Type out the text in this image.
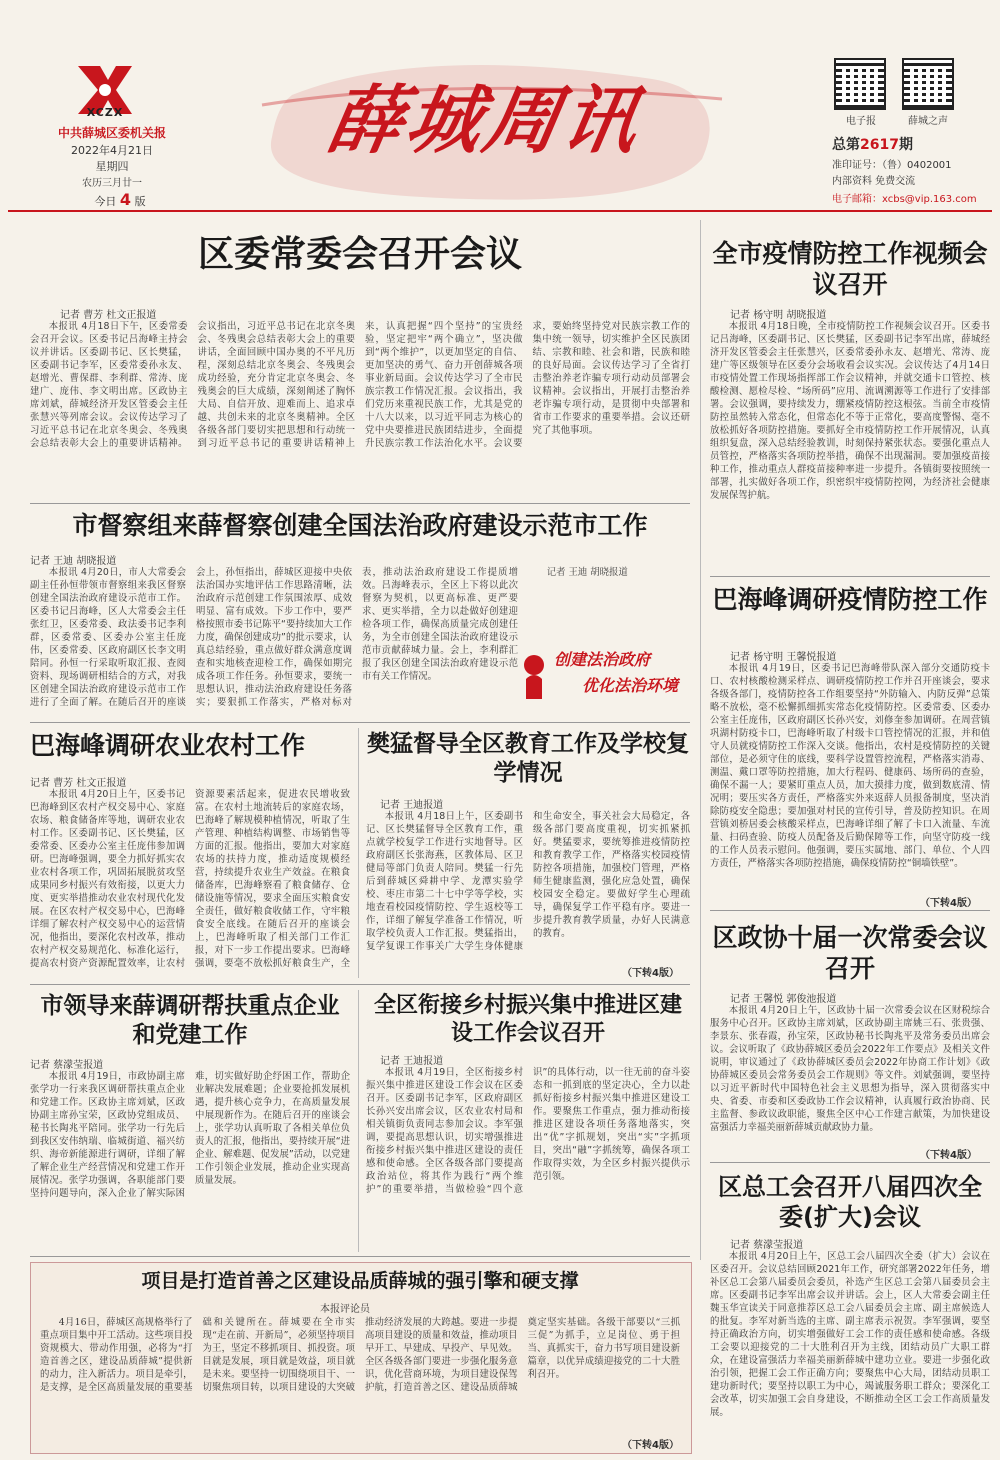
XCZX
中共薛城区委机关报
2022年4月21日
星期四
农历三月廿一
今日 4 版
薛城周讯	电子报	薛城之声
总第2617期
准印证号：（鲁）0402001
内部资料 免费交流
电子邮箱：xcbs@vip.163.com
区委常委会召开会议
记者 曹芳 杜文正报道

本报讯 4月18日下午，区委常委会召开会议。区委书记吕海峰主持会议并讲话。区委副书记、区长樊猛，区委副书记李军，区委常委孙永友、赵增光、曹保群、李利群、常涛、庞建广、庞伟、李文明出席。区政协主席刘斌，薛城经济开发区管委会主任张慧兴等列席会议。会议传达学习了习近平总书记在北京冬奥会、冬残奥会总结表彰大会上的重要讲话精神。会议指出，习近平总书记在北京冬奥会、冬残奥会总结表彰大会上的重要讲话，全面回顾中国办奥的不平凡历程，深刻总结北京冬奥会、冬残奥会成功经验，充分肯定北京冬奥会、冬残奥会的巨大成绩，深刻阐述了胸怀大局、自信开放、迎难而上、追求卓越、共创未来的北京冬奥精神。全区各级各部门要切实把思想和行动统一到习近平总书记的重要讲话精神上来，认真把握“四个坚持”的宝贵经验，坚定把牢“两个确立”，坚决做到“两个维护”，以更加坚定的自信、更加坚决的勇气、奋力开创薛城各项事业新局面。会议传达学习了全市民族宗教工作情况汇报。会议指出，我们党历来重视民族工作，尤其是党的十八大以来，以习近平同志为核心的党中央要推进民族团结进步，全面提升民族宗教工作法治化水平。会议要求，要始终坚持党对民族宗教工作的集中统一领导，切实维护全区民族团结、宗教和睦、社会和谐，民族和睦的良好局面。会议传达学习了全省打击整治养老诈骗专项行动动员部署会议精神。会议指出，开展打击整治养老诈骗专项行动，是贯彻中央部署和省市工作要求的重要举措。会议还研究了其他事项。

全市疫情防控工作视频会议召开
记者 杨守明 胡晓报道

本报讯 4月18日晚，全市疫情防控工作视频会议召开。区委书记吕海峰，区委副书记、区长樊猛，区委副书记李军出席，薛城经济开发区管委会主任张慧兴，区委常委孙永友、赵增光、常涛、庞建广等区级领导在区委分会场收看会议实况。会议传达了4月14日市疫情处置工作现场指挥部工作会议精神，并就交通卡口管控、核酸检测、愿检尽检、“场所码”应用、流调溯源等工作进行了安排部署。会议强调，要持续发力，绷紧疫情防控这根弦。当前全市疫情防控虽然转入常态化，但常态化不等于正常化，要高度警惕、毫不放松抓好各项防控措施。要抓好全市疫情防控工作开展情况，认真组织复盘，深入总结经验教训，时刻保持紧张状态。要强化重点人员管控，严格落实各项防控举措，确保不出现漏洞。要加强疫苗接种工作，推动重点人群疫苗接种率进一步提升。各镇街要按照统一部署，扎实做好各项工作，织密织牢疫情防控网，为经济社会健康发展保驾护航。

市督察组来薛督察创建全国法治政府建设示范市工作
记者 王迪 胡晓报道

本报讯 4月20日，市人大常委会副主任孙恒带领市督察组来我区督察创建全国法治政府建设示范市工作。区委书记吕海峰，区人大常委会主任张红卫，区委常委、政法委书记李利群，区委常委、区委办公室主任庞伟，区委常委、区政府副区长李文明陪同。孙恒一行采取听取汇报、查阅资料、现场调研相结合的方式，对我区创建全国法治政府建设示范市工作进行了全面了解。在随后召开的座谈会上，孙恒指出，薛城区迎接中央依法治国办实地评估工作思路清晰，法治政府示范创建工作氛围浓厚、成效明显、富有成效。下步工作中，要严格按照市委书记陈平“要持续加大工作力度，确保创建成功”的批示要求，认真总结经验，重点做好群众满意度调查和实地核查迎检工作，确保如期完成各项工作任务。孙恒要求，要统一思想认识，推动法治政府建设任务落实；要狠抓工作落实，严格对标对表，推动法治政府建设工作提质增效。吕海峰表示，全区上下将以此次督察为契机，以更高标准、更严要求、更实举措，全力以赴做好创建迎检各项工作，确保高质量完成创建任务，为全市创建全国法治政府建设示范市贡献薛城力量。会上，李利群汇报了我区创建全国法治政府建设示范市有关工作情况。

记者 王迪 胡晓报道

创建法治政府
优化法治环境
巴海峰调研疫情防控工作
记者 杨守明 王馨悦报道

本报讯 4月19日，区委书记巴海峰带队深入部分交通防疫卡口、农村核酸检测采样点、调研疫情防控工作并召开座谈会，要求各级各部门，疫情防控各工作组要坚持“外防输入、内防反弹”总策略不放松，毫不松懈抓细抓实常态化疫情防控。区委常委、区委办公室主任庞伟，区政府副区长孙兴安，刘修奎参加调研。在周营镇巩湖村防疫卡口，巴海峰听取了村级卡口管控情况的汇报，并和值守人员就疫情防控工作深入交谈。他指出，农村是疫情防控的关键部位，是必须守住的底线，要科学设置管控流程，严格落实消毒、测温、戴口罩等防控措施，加大行程码、健康码、场所码的查验，确保不漏一人；要紧盯重点人员，加大摸排力度，做到数底清、情况明；要压实各方责任，严格落实外来返薛人员报备制度，坚决消除防疫安全隐患；要加强对村民的宣传引导，普及防控知识。在周营镇刘桥居委会核酸采样点，巴海峰详细了解了卡口入流量、车流量、扫码查验、防疫人员配备及后勤保障等工作，向坚守防疫一线的工作人员表示慰问。他强调，要压实属地、部门、单位、个人四方责任，严格落实各项防控措施，确保疫情防控“铜墙铁壁”。

（下转4版）
巴海峰调研农业农村工作
记者 曹芳 杜文正报道

本报讯 4月20日上午，区委书记巴海峰到区农村产权交易中心、家庭农场、粮食储备库等地，调研农业农村工作。区委副书记、区长樊猛，区委常委、区委办公室主任庞伟参加调研。巴海峰强调，要全力抓好抓实农业农村各项工作，巩固拓展脱贫攻坚成果同乡村振兴有效衔接，以更大力度、更实举措推动农业农村现代化发展。在区农村产权交易中心，巴海峰详细了解农村产权交易中心的运营情况，他指出，要深化农村改革，推动农村产权交易规范化、标准化运行，提高农村资产资源配置效率，让农村资源要素活起来，促进农民增收致富。在农村土地流转后的家庭农场，巴海峰了解规模种植情况，听取了生产管理、种植结构调整、市场销售等方面的汇报。他指出，要加大对家庭农场的扶持力度，推动适度规模经营，持续提升农业生产效益。在粮食储备库，巴海峰察看了粮食储存、仓储设施等情况，要求全面压实粮食安全责任，做好粮食收储工作，守牢粮食安全底线。在随后召开的座谈会上，巴海峰听取了相关部门工作汇报，对下一步工作提出要求。巴海峰强调，要毫不放松抓好粮食生产，全

樊猛督导全区教育工作及学校复学情况
记者 王迪报道

本报讯 4月18日上午，区委副书记、区长樊猛督导全区教育工作，重点就学校复学工作进行实地督导。区政府副区长张海燕，区教体局、区卫健局等部门负责人陪同。樊猛一行先后到薛城区舜耕中学、龙潭实验学校、枣庄市第二十七中学等学校，实地查看校园疫情防控、学生返校等工作，详细了解复学准备工作情况，听取学校负责人工作汇报。樊猛指出，复学复课工作事关广大学生身体健康和生命安全，事关社会大局稳定，各级各部门要高度重视，切实抓紧抓好。樊猛要求，要统筹推进疫情防控和教育教学工作，严格落实校园疫情防控各项措施，加强校门管理，严格师生健康监测，强化应急处置，确保校园安全稳定。要做好学生心理疏导，确保复学工作平稳有序。要进一步提升教育教学质量，办好人民满意的教育。

（下转4版）
区政协十届一次常委会议召开
记者 王馨悦 郭俊池报道

本报讯 4月20日上午，区政协十届一次常委会议在区财税综合服务中心召开。区政协主席刘斌，区政协副主席姚三石、张贵强、李景东、张春霞，孙宝荣，区政协秘书长陶兆平及常务委员出席会议。会议听取了《政协薛城区委员会2022年工作要点》及相关文件说明，审议通过了《政协薛城区委员会2022年协商工作计划》《政协薛城区委员会常务委员会工作规则》等文件。刘斌强调，要坚持以习近平新时代中国特色社会主义思想为指导，深入贯彻落实中央、省委、市委和区委政协工作会议精神，认真履行政治协商、民主监督、参政议政职能，聚焦全区中心工作建言献策，为加快建设富强活力幸福美丽新薛城贡献政协力量。

（下转4版）
市领导来薛调研帮扶重点企业和党建工作
记者 蔡濛莹报道

本报讯 4月19日，市政协副主席张学功一行来我区调研帮扶重点企业和党建工作。区政协主席刘斌，区政协副主席孙宝荣，区政协党组成员、秘书长陶兆平陪同。张学功一行先后到我区安伟纳瑞、临城街道、福兴纺织、海帝新能源进行调研，详细了解了解企业生产经营情况和党建工作开展情况。张学功强调，各职能部门要坚持问题导向，深入企业了解实际困难，切实做好助企纾困工作，帮助企业解决发展难题；企业要抢抓发展机遇，提升核心竞争力，在高质量发展中展现新作为。在随后召开的座谈会上，张学功认真听取了各相关单位负责人的汇报，他指出，要持续开展“进企业、解难题、促发展”活动，以党建工作引领企业发展，推动企业实现高质量发展。

全区衔接乡村振兴集中推进区建设工作会议召开
记者 王迪报道

本报讯 4月19日，全区衔接乡村振兴集中推进区建设工作会议在区委召开。区委副书记李军，区政府副区长孙兴安出席会议，区农业农村局和相关镇街负责同志参加会议。李军强调，要提高思想认识，切实增强推进衔接乡村振兴集中推进区建设的责任感和使命感。全区各级各部门要提高政治站位，将其作为践行“两个维护”的重要举措，当做检验“四个意识”的具体行动，以一往无前的奋斗姿态和一抓到底的坚定决心，全力以赴抓好衔接乡村振兴集中推进区建设工作。要聚焦工作重点，强力推动衔接推进区建设各项任务落地落实，突出“优”字抓规划，突出“实”字抓项目，突出“融”字抓统筹，确保各项工作取得实效，为全区乡村振兴提供示范引领。	区总工会召开八届四次全委(扩大)会议
记者 蔡濛莹报道

本报讯 4月20日上午，区总工会八届四次全委（扩大）会议在区委召开。会议总结回顾2021年工作，研究部署2022年任务，增补区总工会第八届委员会委员，补选产生区总工会第八届委员会主席。区委副书记李军出席会议并讲话。会上，区人大常委会副主任魏玉华宣读关于同意推荐区总工会八届委员会主席、副主席候选人的批复。李军对新当选的主席、副主席表示祝贺。李军强调，要坚持正确政治方向，切实增强做好工会工作的责任感和使命感。各级工会要以迎接党的二十大胜利召开为主线，团结动员广大职工群众，在建设富强活力幸福美丽新薛城中建功立业。要进一步强化政治引领，把握工会工作正确方向；要聚焦中心大局，团结动员职工建功新时代；要坚持以职工为中心，竭诚服务职工群众；要深化工会改革，切实加强工会自身建设，不断推动全区工会工作高质量发展。

项目是打造首善之区建设品质薛城的强引擎和硬支撑
本报评论员

4月16日，薛城区高规格举行了重点项目集中开工活动。这些项目投资规模大、带动作用强，必将为“打造首善之区，建设品质薛城”提供新的动力，注入新活力。项目是牵引，是支撑，是全区高质量发展的重要基础和关键所在。薛城要在全市实现“走在前、开新局”，必须坚持项目为王，坚定不移抓项目、抓投资。项目就是发展，项目就是效益，项目就是未来。要坚持一切围绕项目干、一切聚焦项目转，以项目建设的大突破推动经济发展的大跨越。要进一步提高项目建设的质量和效益，推动项目早开工、早建成、早投产、早见效。全区各级各部门要进一步强化服务意识，优化营商环境，为项目建设保驾护航，打造首善之区、建设品质薛城奠定坚实基础。各级干部要以“三抓三促”为抓手，立足岗位、勇于担当、真抓实干，奋力书写项目建设新篇章，以优异成绩迎接党的二十大胜利召开。

（下转4版）
